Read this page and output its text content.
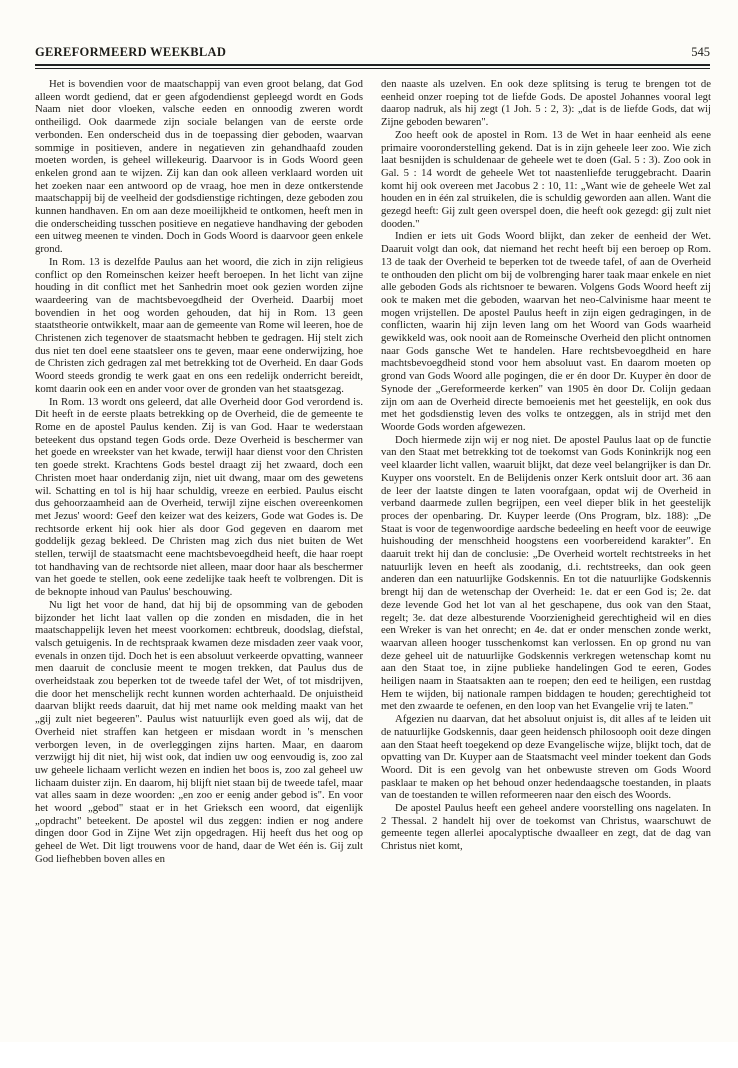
GEREFORMEERD WEEKBLAD	545

Het is bovendien voor de maatschappij van even groot belang, dat God alleen wordt gediend, dat er geen afgodendienst gepleegd wordt en Gods Naam niet door vloeken, valsche eeden en onnoodig zweren wordt ontheiligd. Ook daarmede zijn sociale belangen van de eerste orde verbonden. Een onderscheid dus in de toepassing dier geboden, waarvan sommige in positieven, andere in negatieven zin gehandhaafd zouden moeten worden, is geheel willekeurig. Daarvoor is in Gods Woord geen enkelen grond aan te wijzen. Zij kan dan ook alleen verklaard worden uit het zoeken naar een antwoord op de vraag, hoe men in deze ontkerstende maatschappij bij de veelheid der godsdienstige richtingen, deze geboden zou kunnen handhaven. En om aan deze moeilijkheid te ontkomen, heeft men in die onderscheiding tusschen positieve en negatieve handhaving der geboden een uitweg meenen te vinden. Doch in Gods Woord is daarvoor geen enkele grond.

In Rom. 13 is dezelfde Paulus aan het woord, die zich in zijn religieus conflict op den Romeinschen keizer heeft beroepen. In het licht van zijne houding in dit conflict met het Sanhedrin moet ook gezien worden zijne waardeering van de machtsbevoegdheid der Overheid. Daarbij moet bovendien in het oog worden gehouden, dat hij in Rom. 13 geen staatstheorie ontwikkelt, maar aan de gemeente van Rome wil leeren, hoe de Christenen zich tegenover de staatsmacht hebben te gedragen. Hij stelt zich dus niet ten doel eene staatsleer ons te geven, maar eene onderwijzing, hoe de Christen zich gedragen zal met betrekking tot de Overheid. En daar Gods Woord steeds grondig te werk gaat en ons een redelijk onderricht bereidt, komt daarin ook een en ander voor over de gronden van het staatsgezag.

In Rom. 13 wordt ons geleerd, dat alle Overheid door God verordend is. Dit heeft in de eerste plaats betrekking op de Overheid, die de gemeente te Rome en de apostel Paulus kenden. Zij is van God. Haar te wederstaan beteekent dus opstand tegen Gods orde. Deze Overheid is beschermer van het goede en wreekster van het kwade, terwijl haar dienst voor den Christen ten goede strekt. Krachtens Gods bestel draagt zij het zwaard, doch een Christen moet haar onderdanig zijn, niet uit dwang, maar om des gewetens wil. Schatting en tol is hij haar schuldig, vreeze en eerbied. Paulus eischt dus gehoorzaamheid aan de Overheid, terwijl zijne eischen overeenkomen met Jezus' woord: Geef den keizer wat des keizers, Gode wat Godes is. De rechtsorde erkent hij ook hier als door God gegeven en daarom met goddelijk gezag bekleed. De Christen mag zich dus niet buiten de Wet stellen, terwijl de staatsmacht eene machtsbevoegdheid heeft, die haar roept tot handhaving van de rechtsorde niet alleen, maar door haar als beschermer van het goede te stellen, ook eene zedelijke taak heeft te volbrengen. Dit is de beknopte inhoud van Paulus' beschouwing.

Nu ligt het voor de hand, dat hij bij de opsomming van de geboden bijzonder het licht laat vallen op die zonden en misdaden, die in het maatschappelijk leven het meest voorkomen: echtbreuk, doodslag, diefstal, valsch getuigenis. In de rechtspraak kwamen deze misdaden zeer vaak voor, evenals in onzen tijd. Doch het is een absoluut verkeerde opvatting, wanneer men daaruit de conclusie meent te mogen trekken, dat Paulus dus de overheidstaak zou beperken tot de tweede tafel der Wet, of tot misdrijven, die door het menschelijk recht kunnen worden achterhaald. De onjuistheid daarvan blijkt reeds daaruit, dat hij met name ook melding maakt van het „gij zult niet begeeren". Paulus wist natuurlijk even goed als wij, dat de Overheid niet straffen kan hetgeen er misdaan wordt in 's menschen verborgen leven, in de overleggingen zijns harten. Maar, en daarom verzwijgt hij dit niet, hij wist ook, dat indien uw oog eenvoudig is, zoo zal uw geheele lichaam verlicht wezen en indien het boos is, zoo zal geheel uw lichaam duister zijn. En daarom, hij blijft niet staan bij de tweede tafel, maar vat alles saam in deze woorden: „en zoo er eenig ander gebod is". En voor het woord „gebod" staat er in het Grieksch een woord, dat eigenlijk „opdracht" beteekent. De apostel wil dus zeggen: indien er nog andere dingen door God in Zijne Wet zijn opgedragen. Hij heeft dus het oog op geheel de Wet. Dit ligt trouwens voor de hand, daar de Wet één is. Gij zult God liefhebben boven alles en

den naaste als uzelven. En ook deze splitsing is terug te brengen tot de eenheid onzer roeping tot de liefde Gods. De apostel Johannes vooral legt daarop nadruk, als hij zegt (1 Joh. 5 : 2, 3): „dat is de liefde Gods, dat wij Zijne geboden bewaren".

Zoo heeft ook de apostel in Rom. 13 de Wet in haar eenheid als eene primaire vooronderstelling gekend. Dat is in zijn geheele leer zoo. Wie zich laat besnijden is schuldenaar de geheele wet te doen (Gal. 5 : 3). Zoo ook in Gal. 5 : 14 wordt de geheele Wet tot naastenliefde teruggebracht. Daarin komt hij ook overeen met Jacobus 2 : 10, 11: „Want wie de geheele Wet zal houden en in één zal struikelen, die is schuldig geworden aan allen. Want die gezegd heeft: Gij zult geen overspel doen, die heeft ook gezegd: gij zult niet dooden."

Indien er iets uit Gods Woord blijkt, dan zeker de eenheid der Wet. Daaruit volgt dan ook, dat niemand het recht heeft bij een beroep op Rom. 13 de taak der Overheid te beperken tot de tweede tafel, of aan de Overheid te onthouden den plicht om bij de volbrenging harer taak maar enkele en niet alle geboden Gods als richtsnoer te bewaren. Volgens Gods Woord heeft zij ook te maken met die geboden, waarvan het neo-Calvinisme haar meent te mogen vrijstellen. De apostel Paulus heeft in zijn eigen gedragingen, in de conflicten, waarin hij zijn leven lang om het Woord van Gods waarheid gewikkeld was, ook nooit aan de Romeinsche Overheid den plicht ontnomen naar Gods gansche Wet te handelen. Hare rechtsbevoegdheid en hare machtsbevoegdheid stond voor hem absoluut vast. En daarom moeten op grond van Gods Woord alle pogingen, die er én door Dr. Kuyper èn door de Synode der „Gereformeerde kerken" van 1905 èn door Dr. Colijn gedaan zijn om aan de Overheid directe bemoeienis met het geestelijk, en ook dus met het godsdienstig leven des volks te ontzeggen, als in strijd met den Woorde Gods worden afgewezen.

Doch hiermede zijn wij er nog niet. De apostel Paulus laat op de functie van den Staat met betrekking tot de toekomst van Gods Koninkrijk nog een veel klaarder licht vallen, waaruit blijkt, dat deze veel belangrijker is dan Dr. Kuyper ons voorstelt. En de Belijdenis onzer Kerk ontsluit door art. 36 aan de leer der laatste dingen te laten voorafgaan, opdat wij de Overheid in verband daarmede zullen begrijpen, een veel dieper blik in het geestelijk proces der openbaring. Dr. Kuyper leerde (Ons Program, blz. 188): „De Staat is voor de tegenwoordige aardsche bedeeling en heeft voor de eeuwige huishouding der menschheid hoogstens een voorbereidend karakter". En daaruit trekt hij dan de conclusie: „De Overheid wortelt rechtstreeks in het natuurlijk leven en heeft als zoodanig, d.i. rechtstreeks, dan ook geen anderen dan een natuurlijke Godskennis. En tot die natuurlijke Godskennis brengt hij dan de wetenschap der Overheid: 1e. dat er een God is; 2e. dat deze levende God het lot van al het geschapene, dus ook van den Staat, regelt; 3e. dat deze albesturende Voorzienigheid gerechtigheid wil en dies een Wreker is van het onrecht; en 4e. dat er onder menschen zonde werkt, waarvan alleen hooger tusschenkomst kan verlossen. En op grond nu van deze geheel uit de natuurlijke Godskennis verkregen wetenschap komt nu aan den Staat toe, in zijne publieke handelingen God te eeren, Godes heiligen naam in Staatsakten aan te roepen; den eed te heiligen, een rustdag Hem te wijden, bij nationale rampen biddagen te houden; gerechtigheid tot met den zwaarde te oefenen, en den loop van het Evangelie vrij te laten."

Afgezien nu daarvan, dat het absoluut onjuist is, dit alles af te leiden uit de natuurlijke Godskennis, daar geen heidensch philosooph ooit deze dingen aan den Staat heeft toegekend op deze Evangelische wijze, blijkt toch, dat de opvatting van Dr. Kuyper aan de Staatsmacht veel minder toekent dan Gods Woord. Dit is een gevolg van het onbewuste streven om Gods Woord pasklaar te maken op het behoud onzer hedendaagsche toestanden, in plaats van de toestanden te willen reformeeren naar den eisch des Woords.

De apostel Paulus heeft een geheel andere voorstelling ons nagelaten. In 2 Thessal. 2 handelt hij over de toekomst van Christus, waarschuwt de gemeente tegen allerlei apocalyptische dwaalleer en zegt, dat de dag van Christus niet komt,
